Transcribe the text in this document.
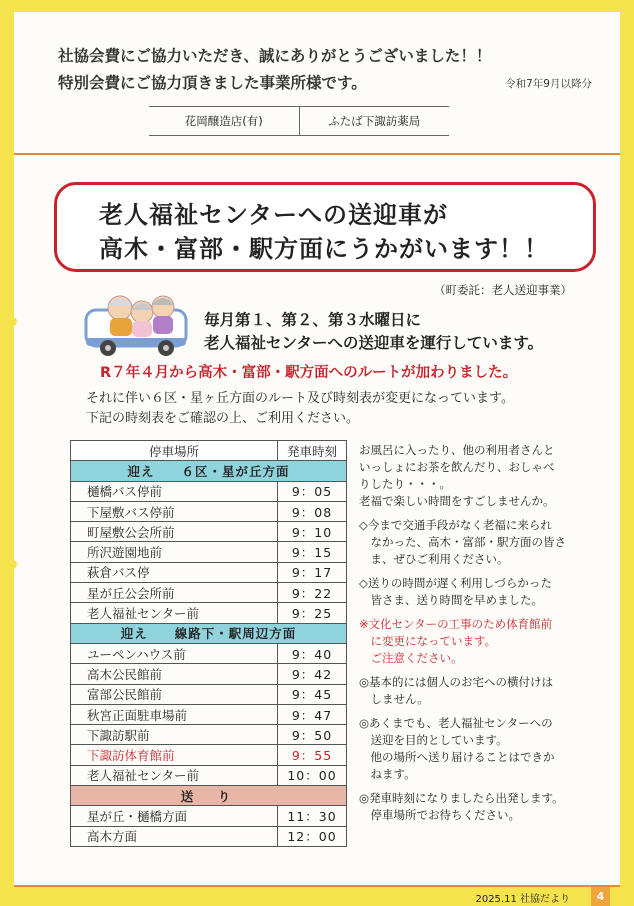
社協会費にご協力いただき、誠にありがとうございました！！
特別会費にご協力頂きました事業所様です。	令和7年9月以降分
花岡醸造店(有)	ふたば下諏訪薬局
老人福祉センターへの送迎車が
高木・富部・駅方面にうかがいます！！
（町委託：老人送迎事業）
毎月第１、第２、第３水曜日に
老人福祉センターへの送迎車を運行しています。
R７年４月から高木・富部・駅方面へのルートが加わりました。
それに伴い６区・星ヶ丘方面のルート及び時刻表が変更になっています。
下記の時刻表をご確認の上、ご利用ください。
停車場所	発車時刻
迎え　　６区・星が丘方面	
樋橋バス停前	9：05
下屋敷バス停前	9：08
町屋敷公会所前	9：10
所沢遊園地前	9：15
萩倉バス停	9：17
星が丘公会所前	9：22
老人福祉センター前	9：25
迎え　　線路下・駅周辺方面	
ユーペンハウス前	9：40
高木公民館前	9：42
富部公民館前	9：45
秋宮正面駐車場前	9：47
下諏訪駅前	9：50
下諏訪体育館前	9：55
老人福祉センター前	10：00
送　り	
星が丘・樋橋方面	11：30
高木方面	12：00
お風呂に入ったり、他の利用者さんと
いっしょにお茶を飲んだり、おしゃべ
りしたり・・・。
老福で楽しい時間をすごしませんか。
◇今まで交通手段がなく老福に来られ
　なかった、高木・富部・駅方面の皆さ
　ま、ぜひご利用ください。
◇送りの時間が遅く利用しづらかった
　皆さま、送り時間を早めました。
※文化センターの工事のため体育館前
　に変更になっています。
　ご注意ください。
◎基本的には個人のお宅への横付けは
　しません。
◎あくまでも、老人福祉センターへの
　送迎を目的としています。
　他の場所へ送り届けることはできか
　ねます。
◎発車時刻になりましたら出発します。
　停車場所でお待ちください。
2025.11 社協だより	4
